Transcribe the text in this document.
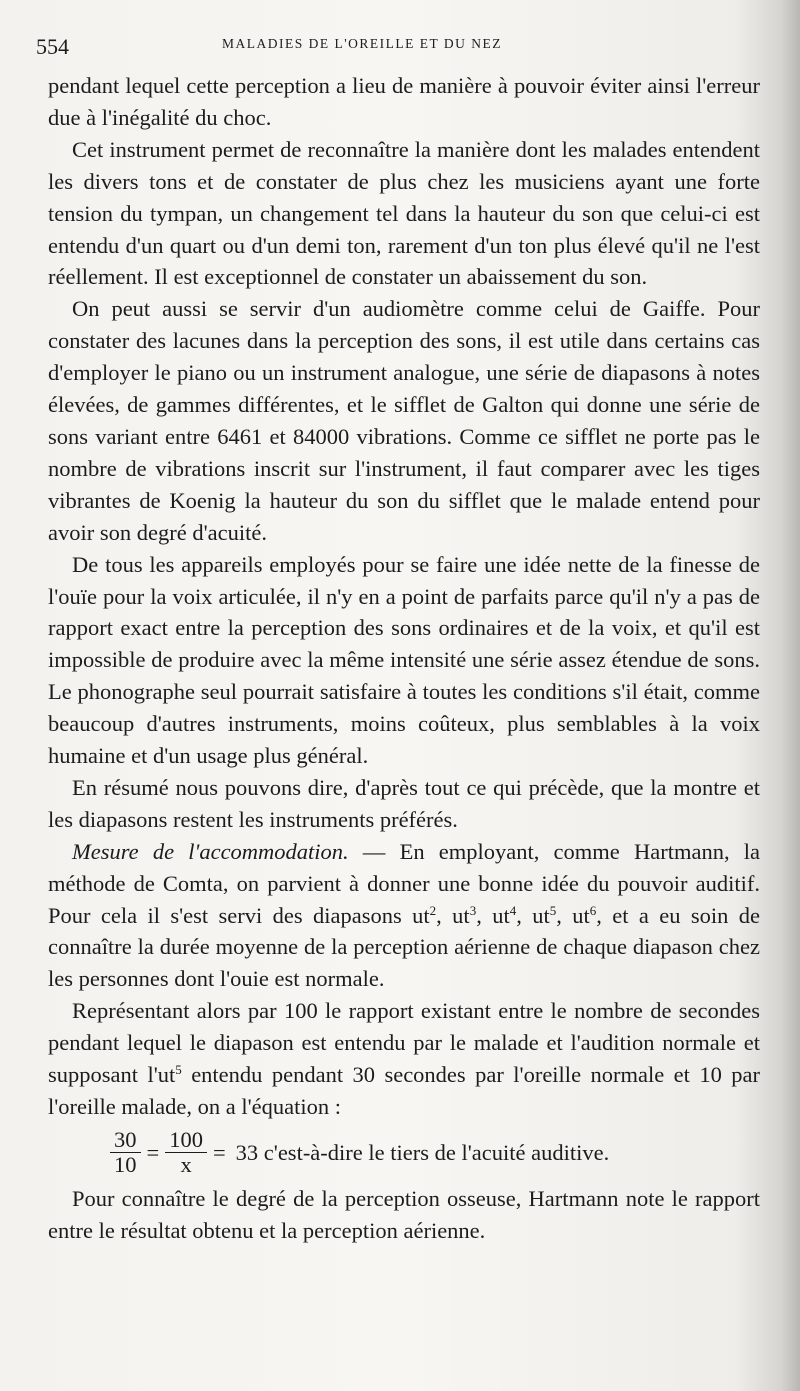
554	MALADIES DE L'OREILLE ET DU NEZ

pendant lequel cette perception a lieu de manière à pouvoir éviter ainsi l'erreur due à l'inégalité du choc.

Cet instrument permet de reconnaître la manière dont les malades entendent les divers tons et de constater de plus chez les musiciens ayant une forte tension du tympan, un changement tel dans la hauteur du son que celui-ci est entendu d'un quart ou d'un demi ton, rarement d'un ton plus élevé qu'il ne l'est réellement. Il est exceptionnel de constater un abaissement du son.

On peut aussi se servir d'un audiomètre comme celui de Gaiffe. Pour constater des lacunes dans la perception des sons, il est utile dans certains cas d'employer le piano ou un instrument analogue, une série de diapasons à notes élevées, de gammes différentes, et le sifflet de Galton qui donne une série de sons variant entre 6461 et 84000 vibrations. Comme ce sifflet ne porte pas le nombre de vibrations inscrit sur l'instrument, il faut comparer avec les tiges vibrantes de Koenig la hauteur du son du sifflet que le malade entend pour avoir son degré d'acuité.

De tous les appareils employés pour se faire une idée nette de la finesse de l'ouïe pour la voix articulée, il n'y en a point de parfaits parce qu'il n'y a pas de rapport exact entre la perception des sons ordinaires et de la voix, et qu'il est impossible de produire avec la même intensité une série assez étendue de sons. Le phonographe seul pourrait satisfaire à toutes les conditions s'il était, comme beaucoup d'autres instruments, moins coûteux, plus semblables à la voix humaine et d'un usage plus général.

En résumé nous pouvons dire, d'après tout ce qui précède, que la montre et les diapasons restent les instruments préférés.

Mesure de l'accommodation. — En employant, comme Hartmann, la méthode de Comta, on parvient à donner une bonne idée du pouvoir auditif. Pour cela il s'est servi des diapasons $ut^2$, $ut^3$, $ut^4$, $ut^5$, $ut^6$, et a eu soin de connaître la durée moyenne de la perception aérienne de chaque diapason chez les personnes dont l'ouie est normale.

Représentant alors par 100 le rapport existant entre le nombre de secondes pendant lequel le diapason est entendu par le malade et l'audition normale et supposant $l'ut^5$ entendu pendant 30 secondes par l'oreille normale et 10 par l'oreille malade, on a l'équation :

$\frac{30}{10} = \frac{100}{x} = 33$ c'est-à-dire le tiers de l'acuité auditive.

Pour connaître le degré de la perception osseuse, Hartmann note le rapport entre le résultat obtenu et la perception aérienne.
